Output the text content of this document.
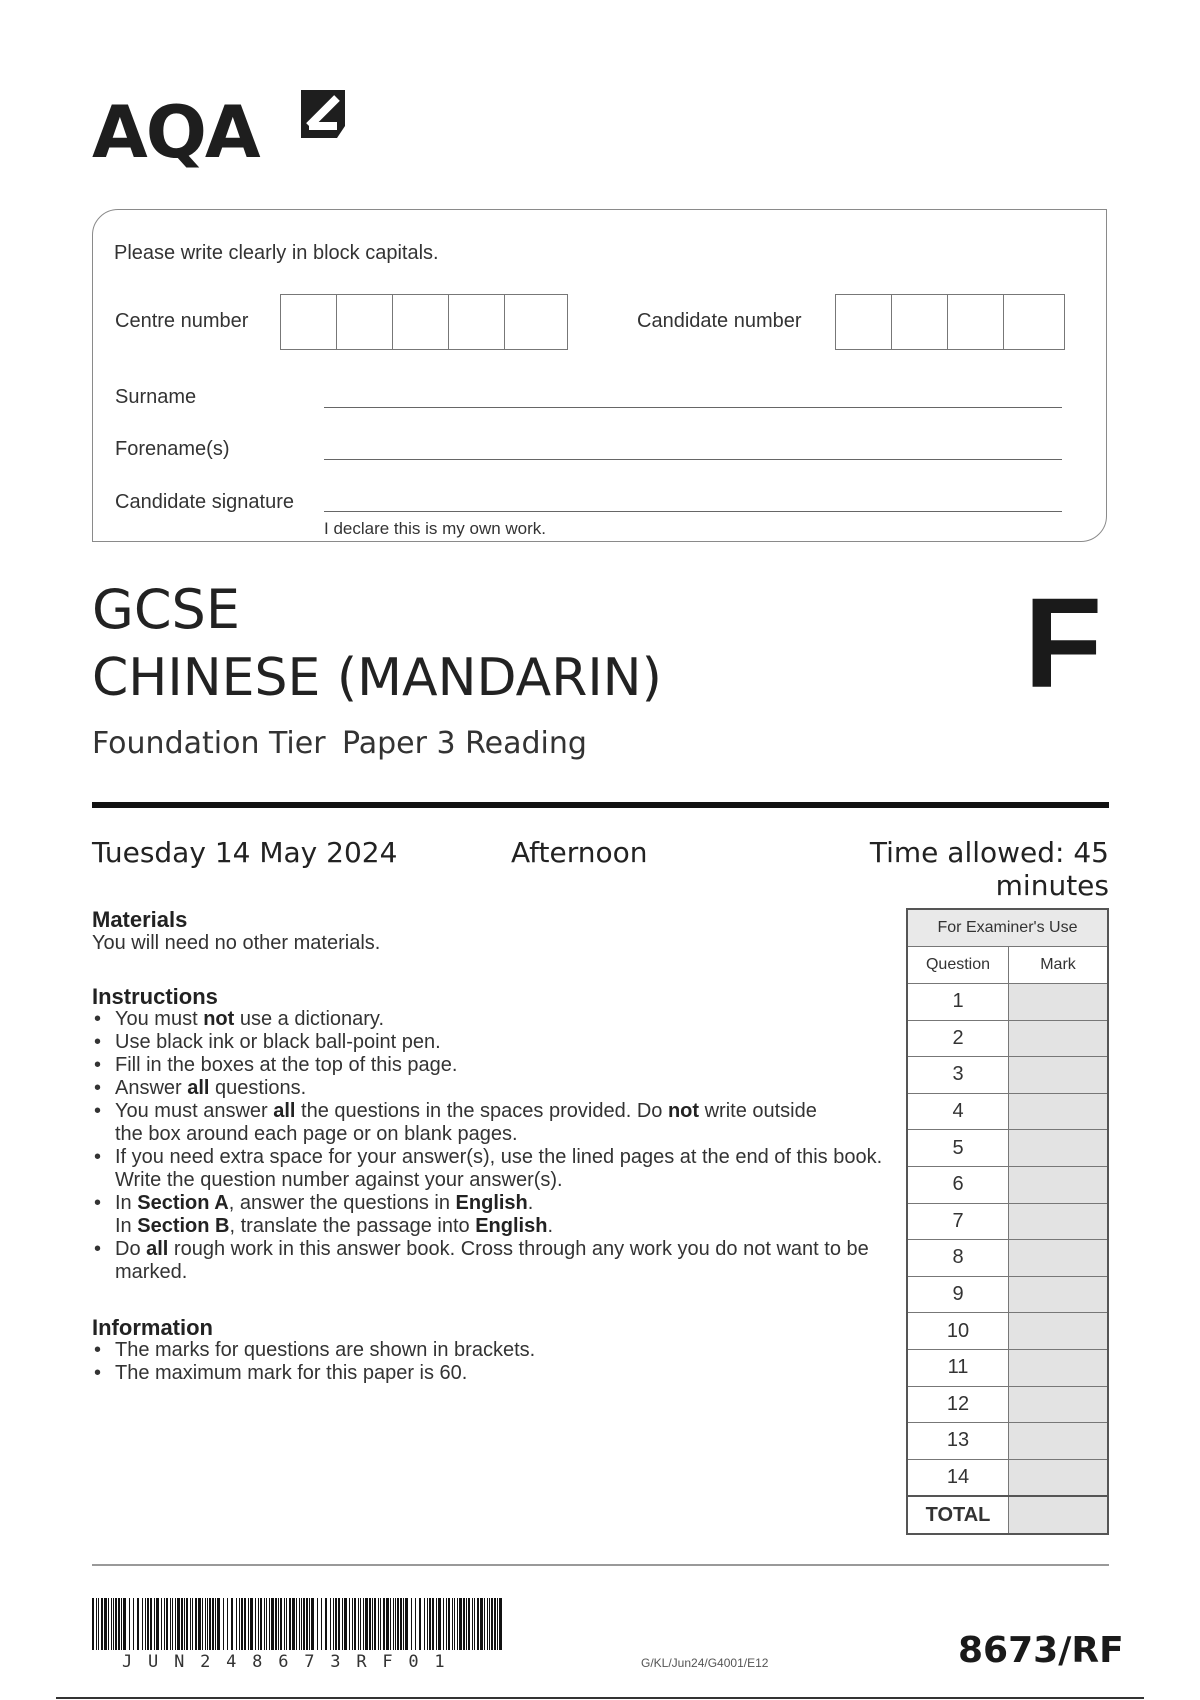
AQA
Please write clearly in block capitals.
Centre number	Candidate number
Surname
Forename(s)
Candidate signature
I declare this is my own work.
GCSE
CHINESE (MANDARIN)
Foundation Tier Paper 3 Reading
F
Tuesday 14 May 2024	Afternoon	Time allowed: 45 minutes
Materials
You will need no other materials.
Instructions
• You must not use a dictionary.
• Use black ink or black ball-point pen.
• Fill in the boxes at the top of this page.
• Answer all questions.
• You must answer all the questions in the spaces provided. Do not write outside the box around each page or on blank pages.
• If you need extra space for your answer(s), use the lined pages at the end of this book. Write the question number against your answer(s).
• In Section A, answer the questions in English.
In Section B, translate the passage into English.
• Do all rough work in this answer book. Cross through any work you do not want to be marked.
Information
• The marks for questions are shown in brackets.
• The maximum mark for this paper is 60.
For Examiner's Use	
Question	Mark
1	
2	
3	
4	
5	
6	
7	
8	
9	
10	
11	
12	
13	
14	
TOTAL	
JUN248673RF01	G/KL/Jun24/G4001/E12	8673/RF
